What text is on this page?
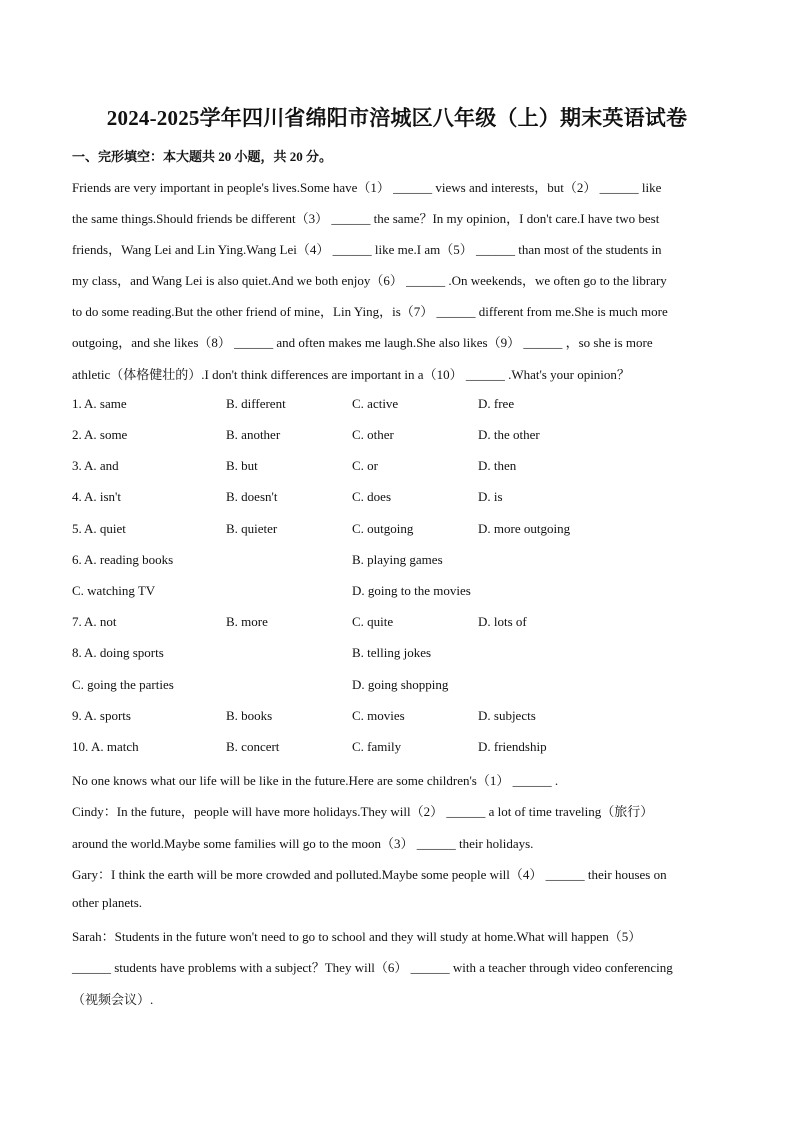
2024-2025学年四川省绵阳市涪城区八年级（上）期末英语试卷
一、完形填空：本大题共 20 小题，共 20 分。
Friends are very important in people's lives.Some have（1） ______ views and interests，but（2） ______ like
the same things.Should friends be different（3） ______ the same？In my opinion，I don't care.I have two best
friends，Wang Lei and Lin Ying.Wang Lei（4） ______ like me.I am（5） ______ than most of the students in
my class，and Wang Lei is also quiet.And we both enjoy（6） ______ .On weekends，we often go to the library
to do some reading.But the other friend of mine，Lin Ying，is（7） ______ different from me.She is much more
outgoing，and she likes（8） ______ and often makes me laugh.She also likes（9） ______ ，so she is more
athletic（体格健壮的）.I don't think differences are important in a（10） ______ .What's your opinion？
1. A. same	B. different	C. active	D. free
2. A. some	B. another	C. other	D. the other
3. A. and	B. but	C. or	D. then
4. A. isn't	B. doesn't	C. does	D. is
5. A. quiet	B. quieter	C. outgoing	D. more outgoing
6. A. reading books	B. playing games
C. watching TV	D. going to the movies
7. A. not	B. more	C. quite	D. lots of
8. A. doing sports	B. telling jokes
C. going the parties	D. going shopping
9. A. sports	B. books	C. movies	D. subjects
10. A. match	B. concert	C. family	D. friendship
No one knows what our life will be like in the future.Here are some children's（1） ______ .
Cindy：In the future，people will have more holidays.They will（2） ______ a lot of time traveling（旅行）
around the world.Maybe some families will go to the moon（3） ______ their holidays.
Gary：I think the earth will be more crowded and polluted.Maybe some people will（4） ______ their houses on
other planets.
Sarah：Students in the future won't need to go to school and they will study at home.What will happen（5）
______ students have problems with a subject？They will（6） ______ with a teacher through video conferencing
（视频会议）.
